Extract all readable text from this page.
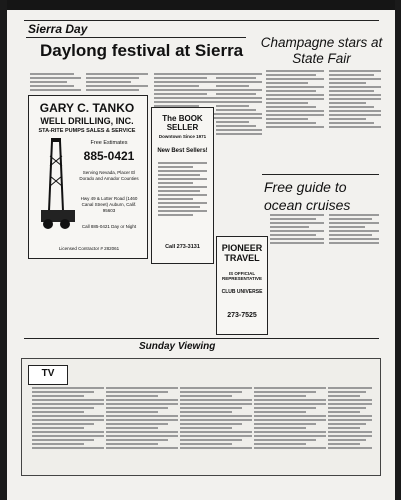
Sierra Day
Daylong festival at Sierra
GARY C. TANKO
WELL DRILLING, INC.
STA-RITE PUMPS SALES & SERVICE
Free Estimates
885-0421
Serving Nevada, Placer El Dorado and Amador Counties
Hwy 49 & Lotter Road (1460 Canal Street) Auburn, Calif. 95603
Call 885-0421 Day or Night
Licensed Contractor # 282061
The BOOK SELLER
Downtown Since 1971
New Best Sellers!
Call 273-3131
Champagne stars at State Fair
Free guide to ocean cruises
PIONEER TRAVEL
IS OFFICIAL REPRESENTATIVE
CLUB UNIVERSE
273-7525
Sunday Viewing
TV
